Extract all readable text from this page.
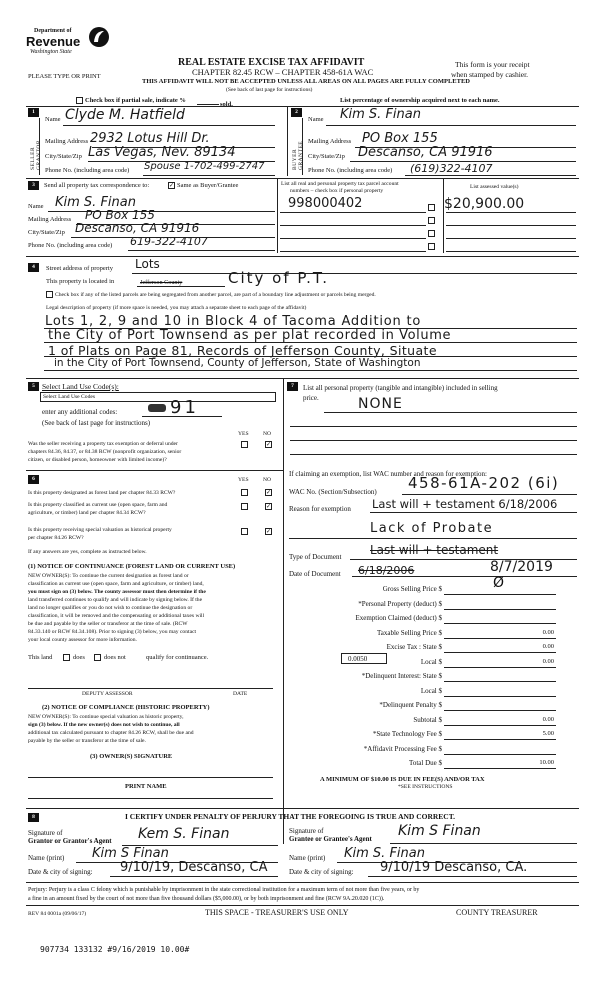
Department of
Revenue
Washington State
PLEASE TYPE OR PRINT
REAL ESTATE EXCISE TAX AFFIDAVIT
CHAPTER 82.45 RCW – CHAPTER 458-61A WAC
THIS AFFIDAVIT WILL NOT BE ACCEPTED UNLESS ALL AREAS ON ALL PAGES ARE FULLY COMPLETED
This form is your receipt
when stamped by cashier.
(See back of last page for instructions)
Check box if partial sale, indicate %
sold.
List percentage of ownership acquired next to each name.
1
SELLER GRANTOR
Name Clyde M. Hatfield
Mailing Address 2932 Lotus Hill Dr.
City/State/Zip Las Vegas, Nev. 89134
Phone No. (including area code) Spouse 1-702-499-2747
2
BUYER GRANTEE
Name Kim S. Finan
Mailing Address PO Box 155
City/State/Zip Descanso, CA 91916
Phone No. (including area code) (619)322-4107
3	Send all property tax correspondence to:	✓ Same as Buyer/Grantee
Name Kim S. Finan
Mailing Address PO Box 155
City/State/Zip Descanso, CA 91916
Phone No. (including area code) 619-322-4107
List all real and personal property tax parcel account
numbers – check box if personal property
List assessed value(s)
998000402	$20,900.00
4	Street address of property Lots
This property is located in	Jefferson County	City of P.T.
Check box if any of the listed parcels are being segregated from another parcel, are part of a boundary line adjustment or parcels being merged.
Legal description of property (if more space is needed, you may attach a separate sheet to each page of the affidavit)
Lots 1, 2, 9 and 10 in Block 4 of Tacoma Addition to
the City of Port Townsend as per plat recorded in Volume
1 of Plats on Page 81, Records of Jefferson County, Situate
in the City of Port Townsend, County of Jefferson, State of Washington
5 Select Land Use Code(s):
Select Land Use Codes
enter any additional codes:	91
(See back of last page for instructions)
YES	NO
Was the seller receiving a property tax exemption or deferral under
chapters 84.36, 84.37, or 84.38 RCW (nonprofit organization, senior
citizen, or disabled person, homeowner with limited income)?
✓
6	YES	NO
Is this property designated as forest land per chapter 84.33 RCW?	✓
Is this property classified as current use (open space, farm and
agriculture, or timber) land per chapter 84.34 RCW?
✓
Is this property receiving special valuation as historical property
per chapter 84.26 RCW?
✓
If any answers are yes, complete as instructed below.
(1) NOTICE OF CONTINUANCE (FOREST LAND OR CURRENT USE)
NEW OWNER(S): To continue the current designation as forest land or
classification as current use (open space, farm and agriculture, or timber) land,
you must sign on (3) below. The county assessor must then determine if the
land transferred continues to qualify and will indicate by signing below. If the
land no longer qualifies or you do not wish to continue the designation or
classification, it will be removed and the compensating or additional taxes will
be due and payable by the seller or transferor at the time of sale. (RCW
84.33.140 or RCW 84.34.108). Prior to signing (3) below, you may contact
your local county assessor for more information.
This land	does	does not	qualify for continuance.
DEPUTY ASSESSOR	DATE
(2) NOTICE OF COMPLIANCE (HISTORIC PROPERTY)
NEW OWNER(S): To continue special valuation as historic property,
sign (3) below. If the new owner(s) does not wish to continue, all
additional tax calculated pursuant to chapter 84.26 RCW, shall be due and
payable by the seller or transferor at the time of sale.
(3) OWNER(S) SIGNATURE
PRINT NAME
7	List all personal property (tangible and intangible) included in selling
price.	NONE
If claiming an exemption, list WAC number and reason for exemption:
WAC No. (Section/Subsection) 458-61A-202 (6i)
Reason for exemption Last will + testament 6/18/2006
Lack of Probate
Type of Document Last will + testament
Date of Document 6/18/2006	8/7/2019
Gross Selling Price $	Ø
*Personal Property (deduct) $
Exemption Claimed (deduct) $
Taxable Selling Price $	0.00
Excise Tax : State $	0.00
Local $	0.00
*Delinquent Interest: State $
Local $
*Delinquent Penalty $
Subtotal $	0.00
*State Technology Fee $	5.00
*Affidavit Processing Fee $
Total Due $	10.00
0.0050
A MINIMUM OF $10.00 IS DUE IN FEE(S) AND/OR TAX
*SEE INSTRUCTIONS
8	I CERTIFY UNDER PENALTY OF PERJURY THAT THE FOREGOING IS TRUE AND CORRECT.
Signature of
Grantor or Grantor's Agent Kem S. Finan
Name (print) Kim S Finan
Date & city of signing: 9/10/19, Descanso, CA
Signature of
Grantee or Grantee's Agent Kim S Finan
Name (print) Kim S. Finan
Date & city of signing: 9/10/19 Descanso, CA.
Perjury: Perjury is a class C felony which is punishable by imprisonment in the state correctional institution for a maximum term of not more than five years, or by
a fine in an amount fixed by the court of not more than five thousand dollars ($5,000.00), or by both imprisonment and fine (RCW 9A.20.020 (1C)).
REV 84 0001a (09/06/17)	THIS SPACE - TREASURER'S USE ONLY	COUNTY TREASURER
907734 133132 #9/16/2019 10.00#
